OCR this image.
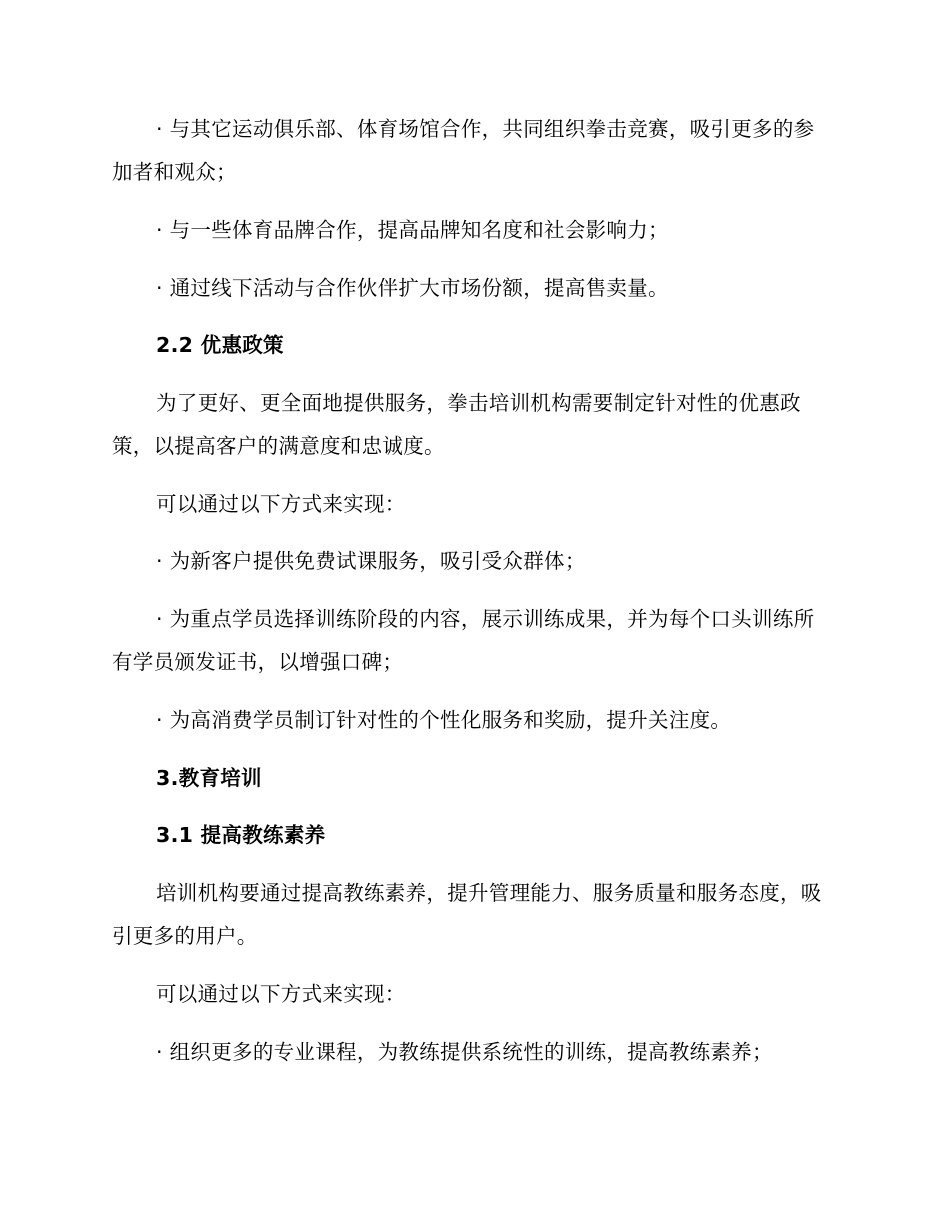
· 与其它运动俱乐部、体育场馆合作，共同组织拳击竞赛，吸引更多的参加者和观众；

· 与一些体育品牌合作，提高品牌知名度和社会影响力；

· 通过线下活动与合作伙伴扩大市场份额，提高售卖量。

2.2 优惠政策

为了更好、更全面地提供服务，拳击培训机构需要制定针对性的优惠政策，以提高客户的满意度和忠诚度。

可以通过以下方式来实现：

· 为新客户提供免费试课服务，吸引受众群体；

· 为重点学员选择训练阶段的内容，展示训练成果，并为每个口头训练所有学员颁发证书，以增强口碑；

· 为高消费学员制订针对性的个性化服务和奖励，提升关注度。

3.教育培训

3.1 提高教练素养

培训机构要通过提高教练素养，提升管理能力、服务质量和服务态度，吸引更多的用户。

可以通过以下方式来实现：

· 组织更多的专业课程，为教练提供系统性的训练，提高教练素养；
